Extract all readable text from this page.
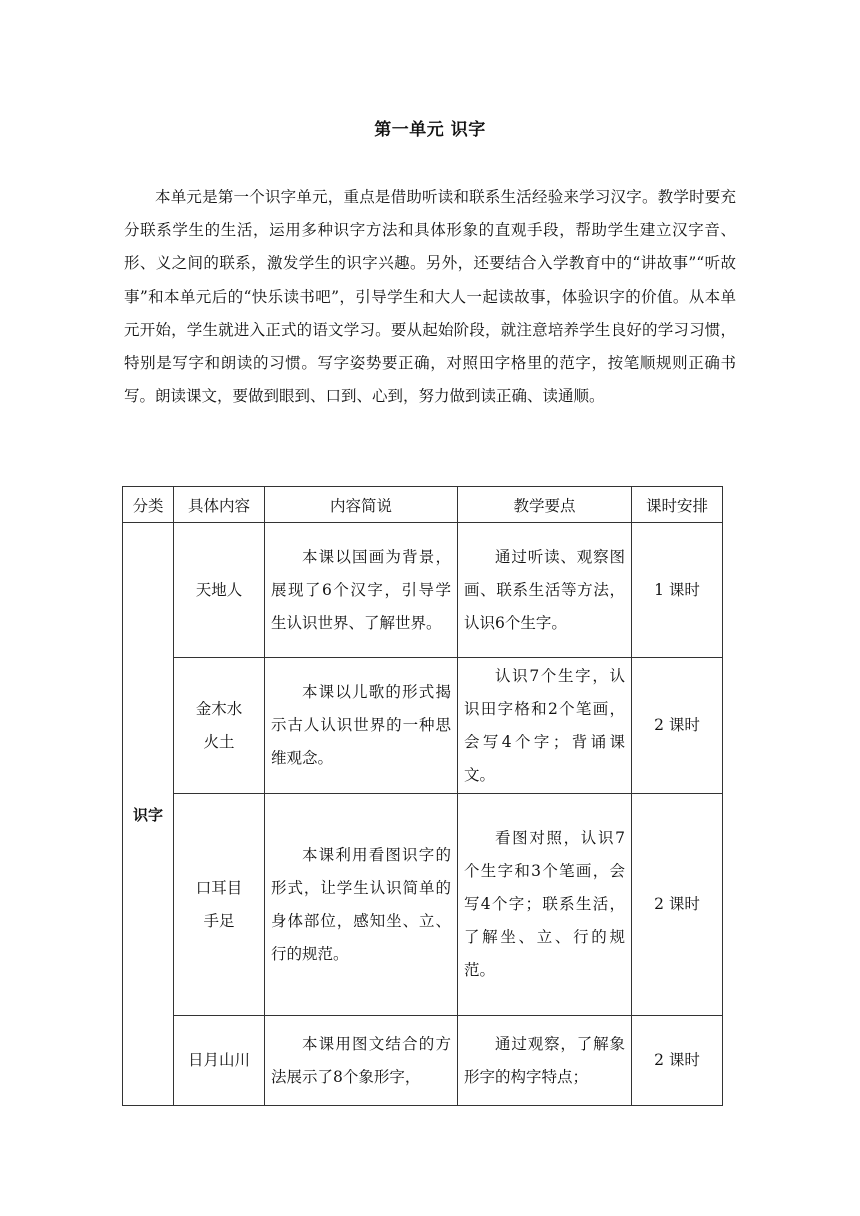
第一单元 识字

本单元是第一个识字单元，重点是借助听读和联系生活经验来学习汉字。教学时要充分联系学生的生活，运用多种识字方法和具体形象的直观手段，帮助学生建立汉字音、形、义之间的联系，激发学生的识字兴趣。另外，还要结合入学教育中的“讲故事”“听故事”和本单元后的“快乐读书吧”，引导学生和大人一起读故事，体验识字的价值。从本单元开始，学生就进入正式的语文学习。要从起始阶段，就注意培养学生良好的学习习惯，特别是写字和朗读的习惯。写字姿势要正确，对照田字格里的范字，按笔顺规则正确书写。朗读课文，要做到眼到、口到、心到，努力做到读正确、读通顺。

分类	具体内容	内容简说	教学要点	课时安排
识字	天地人	本课以国画为背景，展现了6个汉字，引导学生认识世界、了解世界。	通过听读、观察图画、联系生活等方法，认识6个生字。	1 课时
	金木水火土	本课以儿歌的形式揭示古人认识世界的一种思维观念。	认识7个生字，认识田字格和2个笔画，会写4个字；背诵课文。	2 课时
	口耳目手足	本课利用看图识字的形式，让学生认识简单的身体部位，感知坐、立、行的规范。	看图对照，认识7个生字和3个笔画，会写4个字；联系生活，了解坐、立、行的规范。	2 课时
	日月山川	本课用图文结合的方法展示了8个象形字，	通过观察，了解象形字的构字特点；	2 课时
